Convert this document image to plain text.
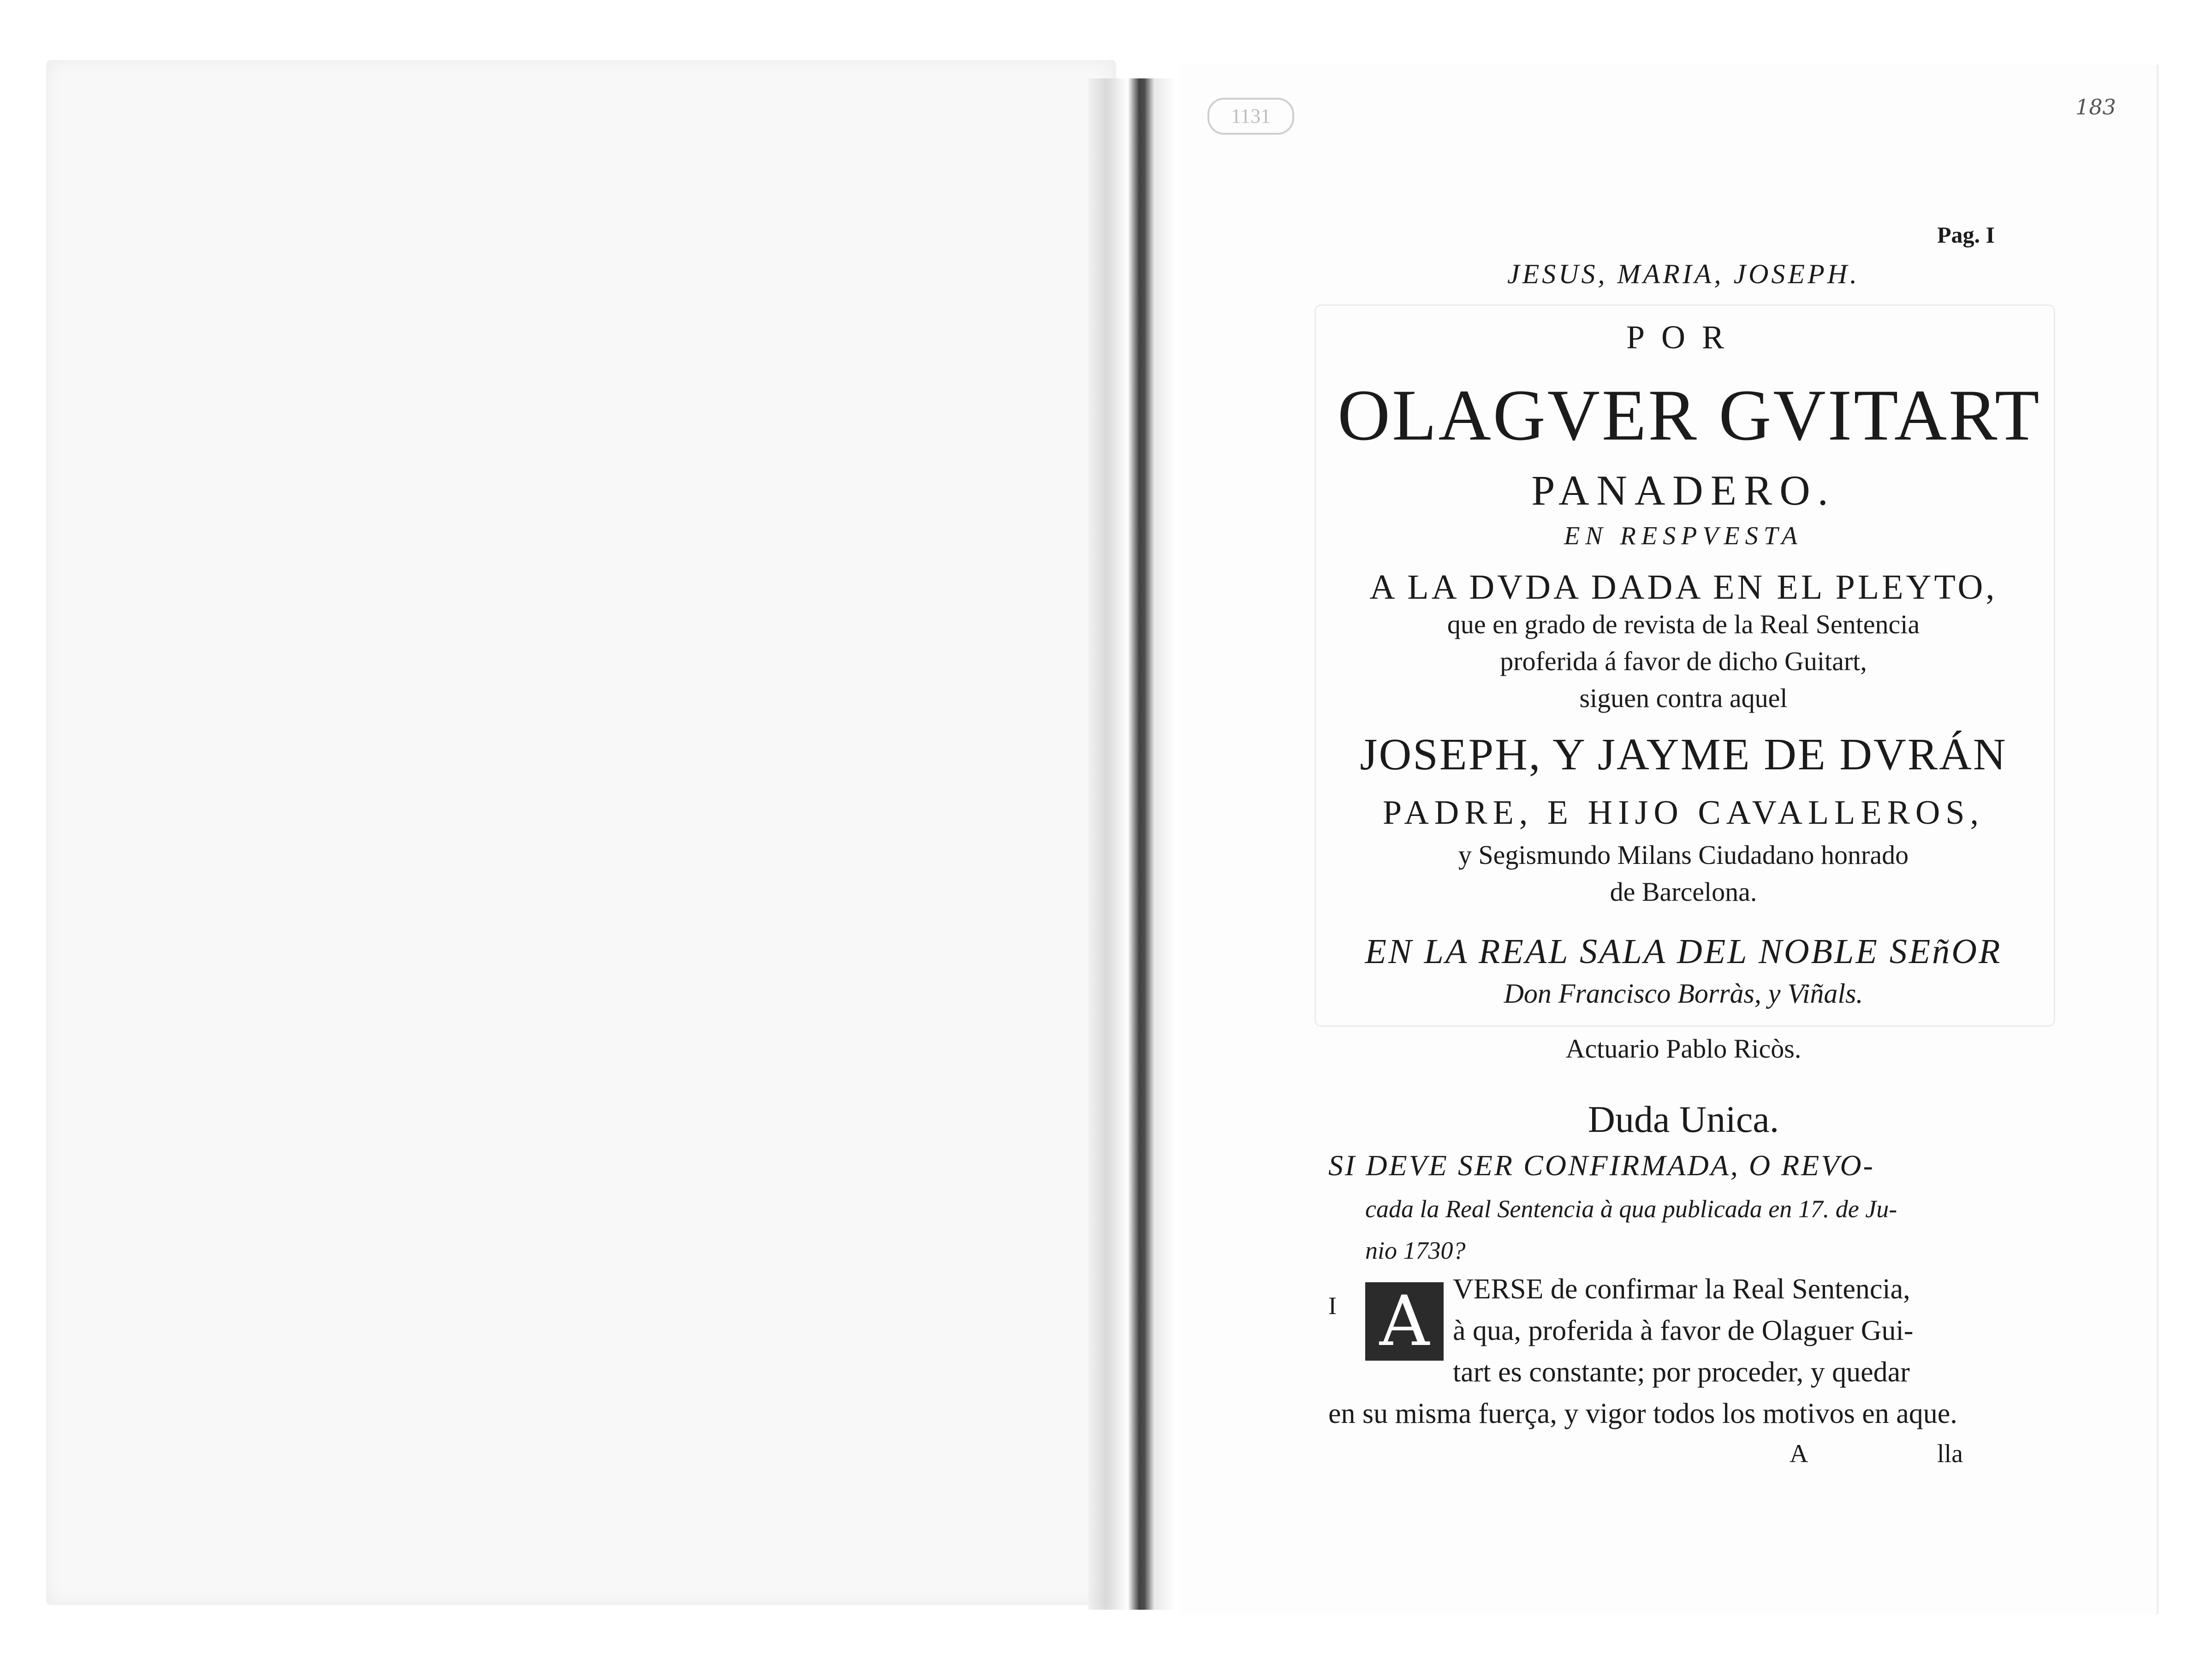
1131	183
Pag. I
JESUS, MARIA, JOSEPH.
POR
OLAGVER GVITART
PANADERO.
EN RESPVESTA
A LA DVDA DADA EN EL PLEYTO,
que en grado de revista de la Real Sentencia
proferida á favor de dicho Guitart,
siguen contra aquel
JOSEPH, Y JAYME DE DVRÁN
PADRE, E HIJO CAVALLEROS,
y Segismundo Milans Ciudadano honrado
de Barcelona.
EN LA REAL SALA DEL NOBLE SEñOR
Don Francisco Borràs, y Viñals.
Actuario Pablo Ricòs.
Duda Unica.
SI DEVE SER CONFIRMADA, O REVO-
cada la Real Sentencia à qua publicada en 17. de Ju-
nio 1730?
I A VERSE de confirmar la Real Sentencia,
à qua, proferida à favor de Olaguer Gui-
tart es constante; por proceder, y quedar
en su misma fuerça, y vigor todos los motivos en aque.
A	lla
